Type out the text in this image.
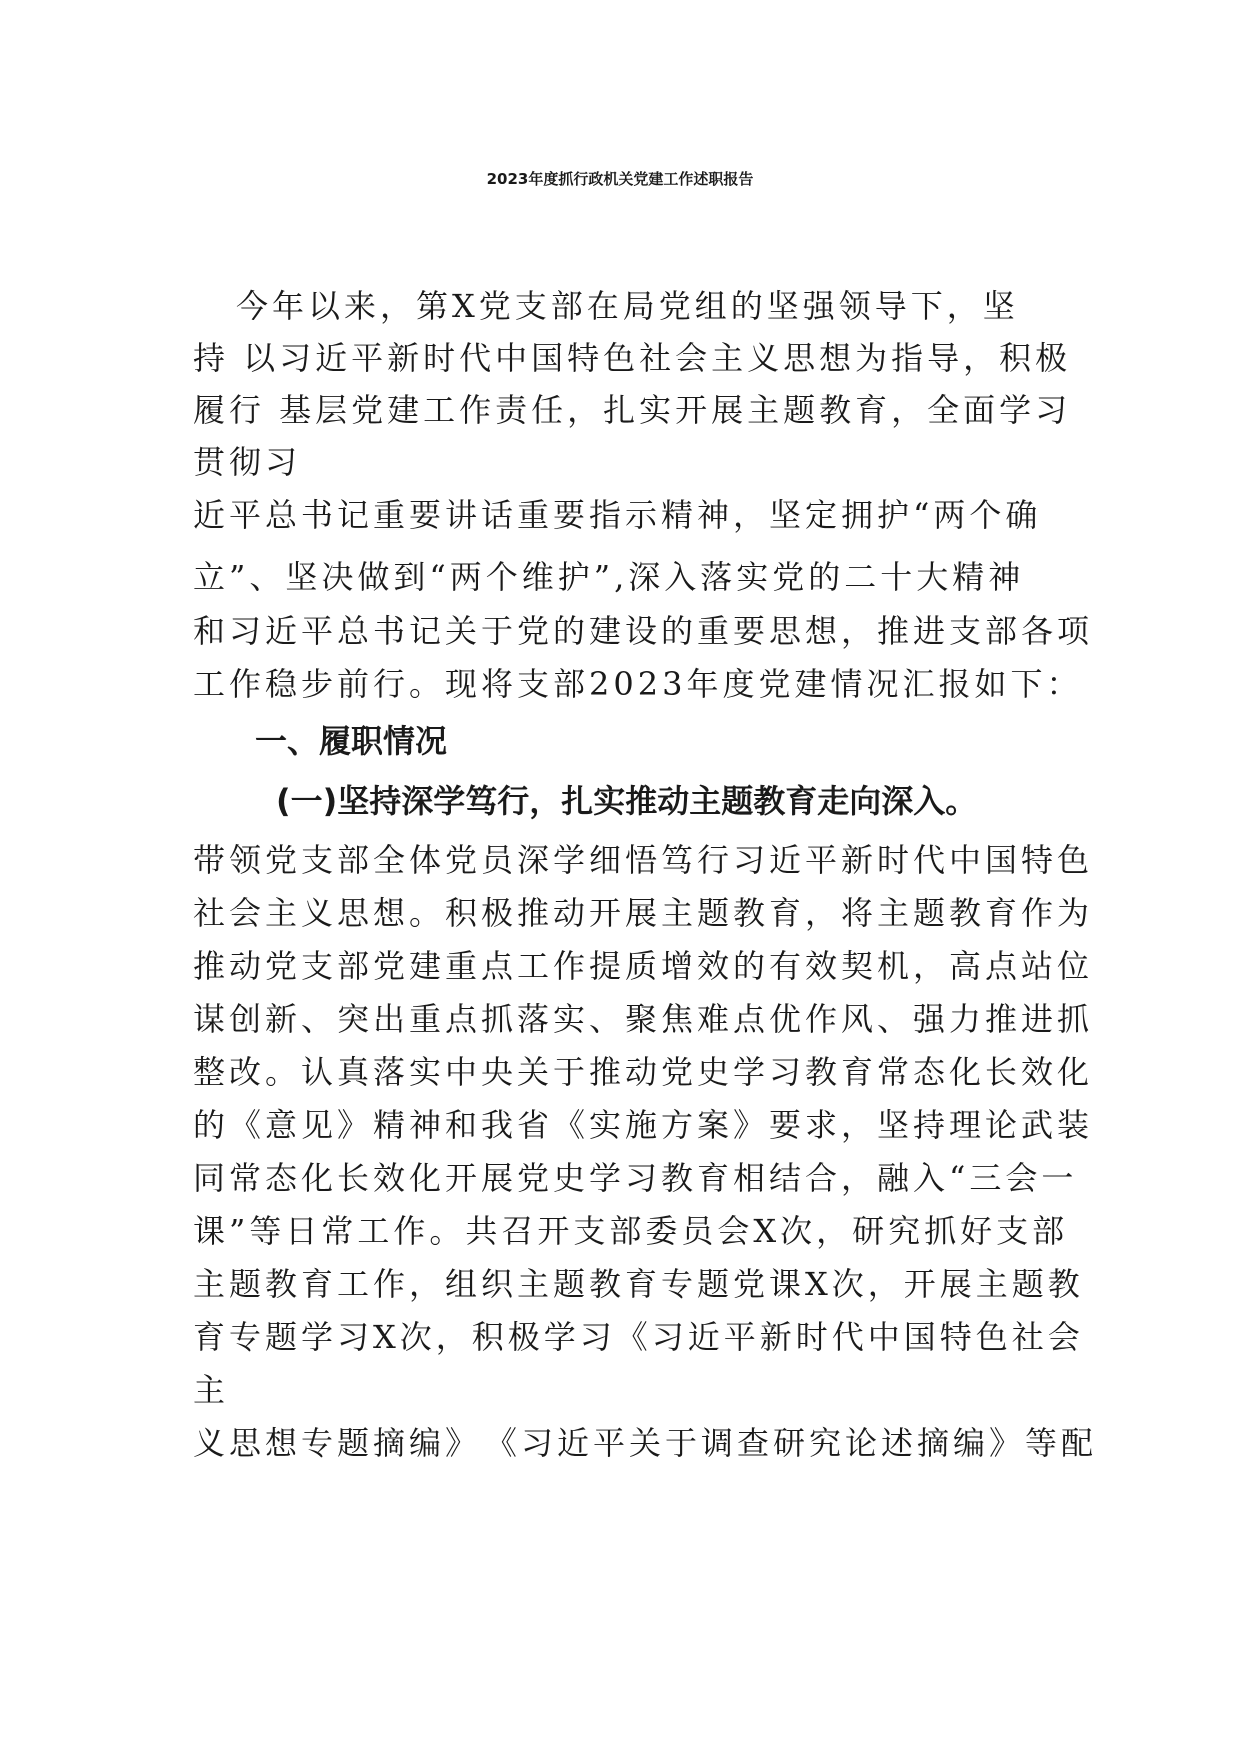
2023年度抓行政机关党建工作述职报告
今年以来，第X党支部在局党组的坚强领导下，坚
持 以习近平新时代中国特色社会主义思想为指导，积极
履行 基层党建工作责任，扎实开展主题教育，全面学习
贯彻习
近平总书记重要讲话重要指示精神，坚定拥护“两个确
立”、坚决做到“两个维护”,深入落实党的二十大精神
和习近平总书记关于党的建设的重要思想，推进支部各项
工作稳步前行。现将支部2023年度党建情况汇报如下：
一、履职情况
(一)坚持深学笃行，扎实推动主题教育走向深入。
带领党支部全体党员深学细悟笃行习近平新时代中国特色
社会主义思想。积极推动开展主题教育，将主题教育作为
推动党支部党建重点工作提质增效的有效契机，高点站位
谋创新、突出重点抓落实、聚焦难点优作风、强力推进抓
整改。认真落实中央关于推动党史学习教育常态化长效化
的《意见》精神和我省《实施方案》要求，坚持理论武装
同常态化长效化开展党史学习教育相结合，融入“三会一
课”等日常工作。共召开支部委员会X次，研究抓好支部
主题教育工作，组织主题教育专题党课X次，开展主题教
育专题学习X次，积极学习《习近平新时代中国特色社会
主
义思想专题摘编》　《习近平关于调查研究论述摘编》等配
